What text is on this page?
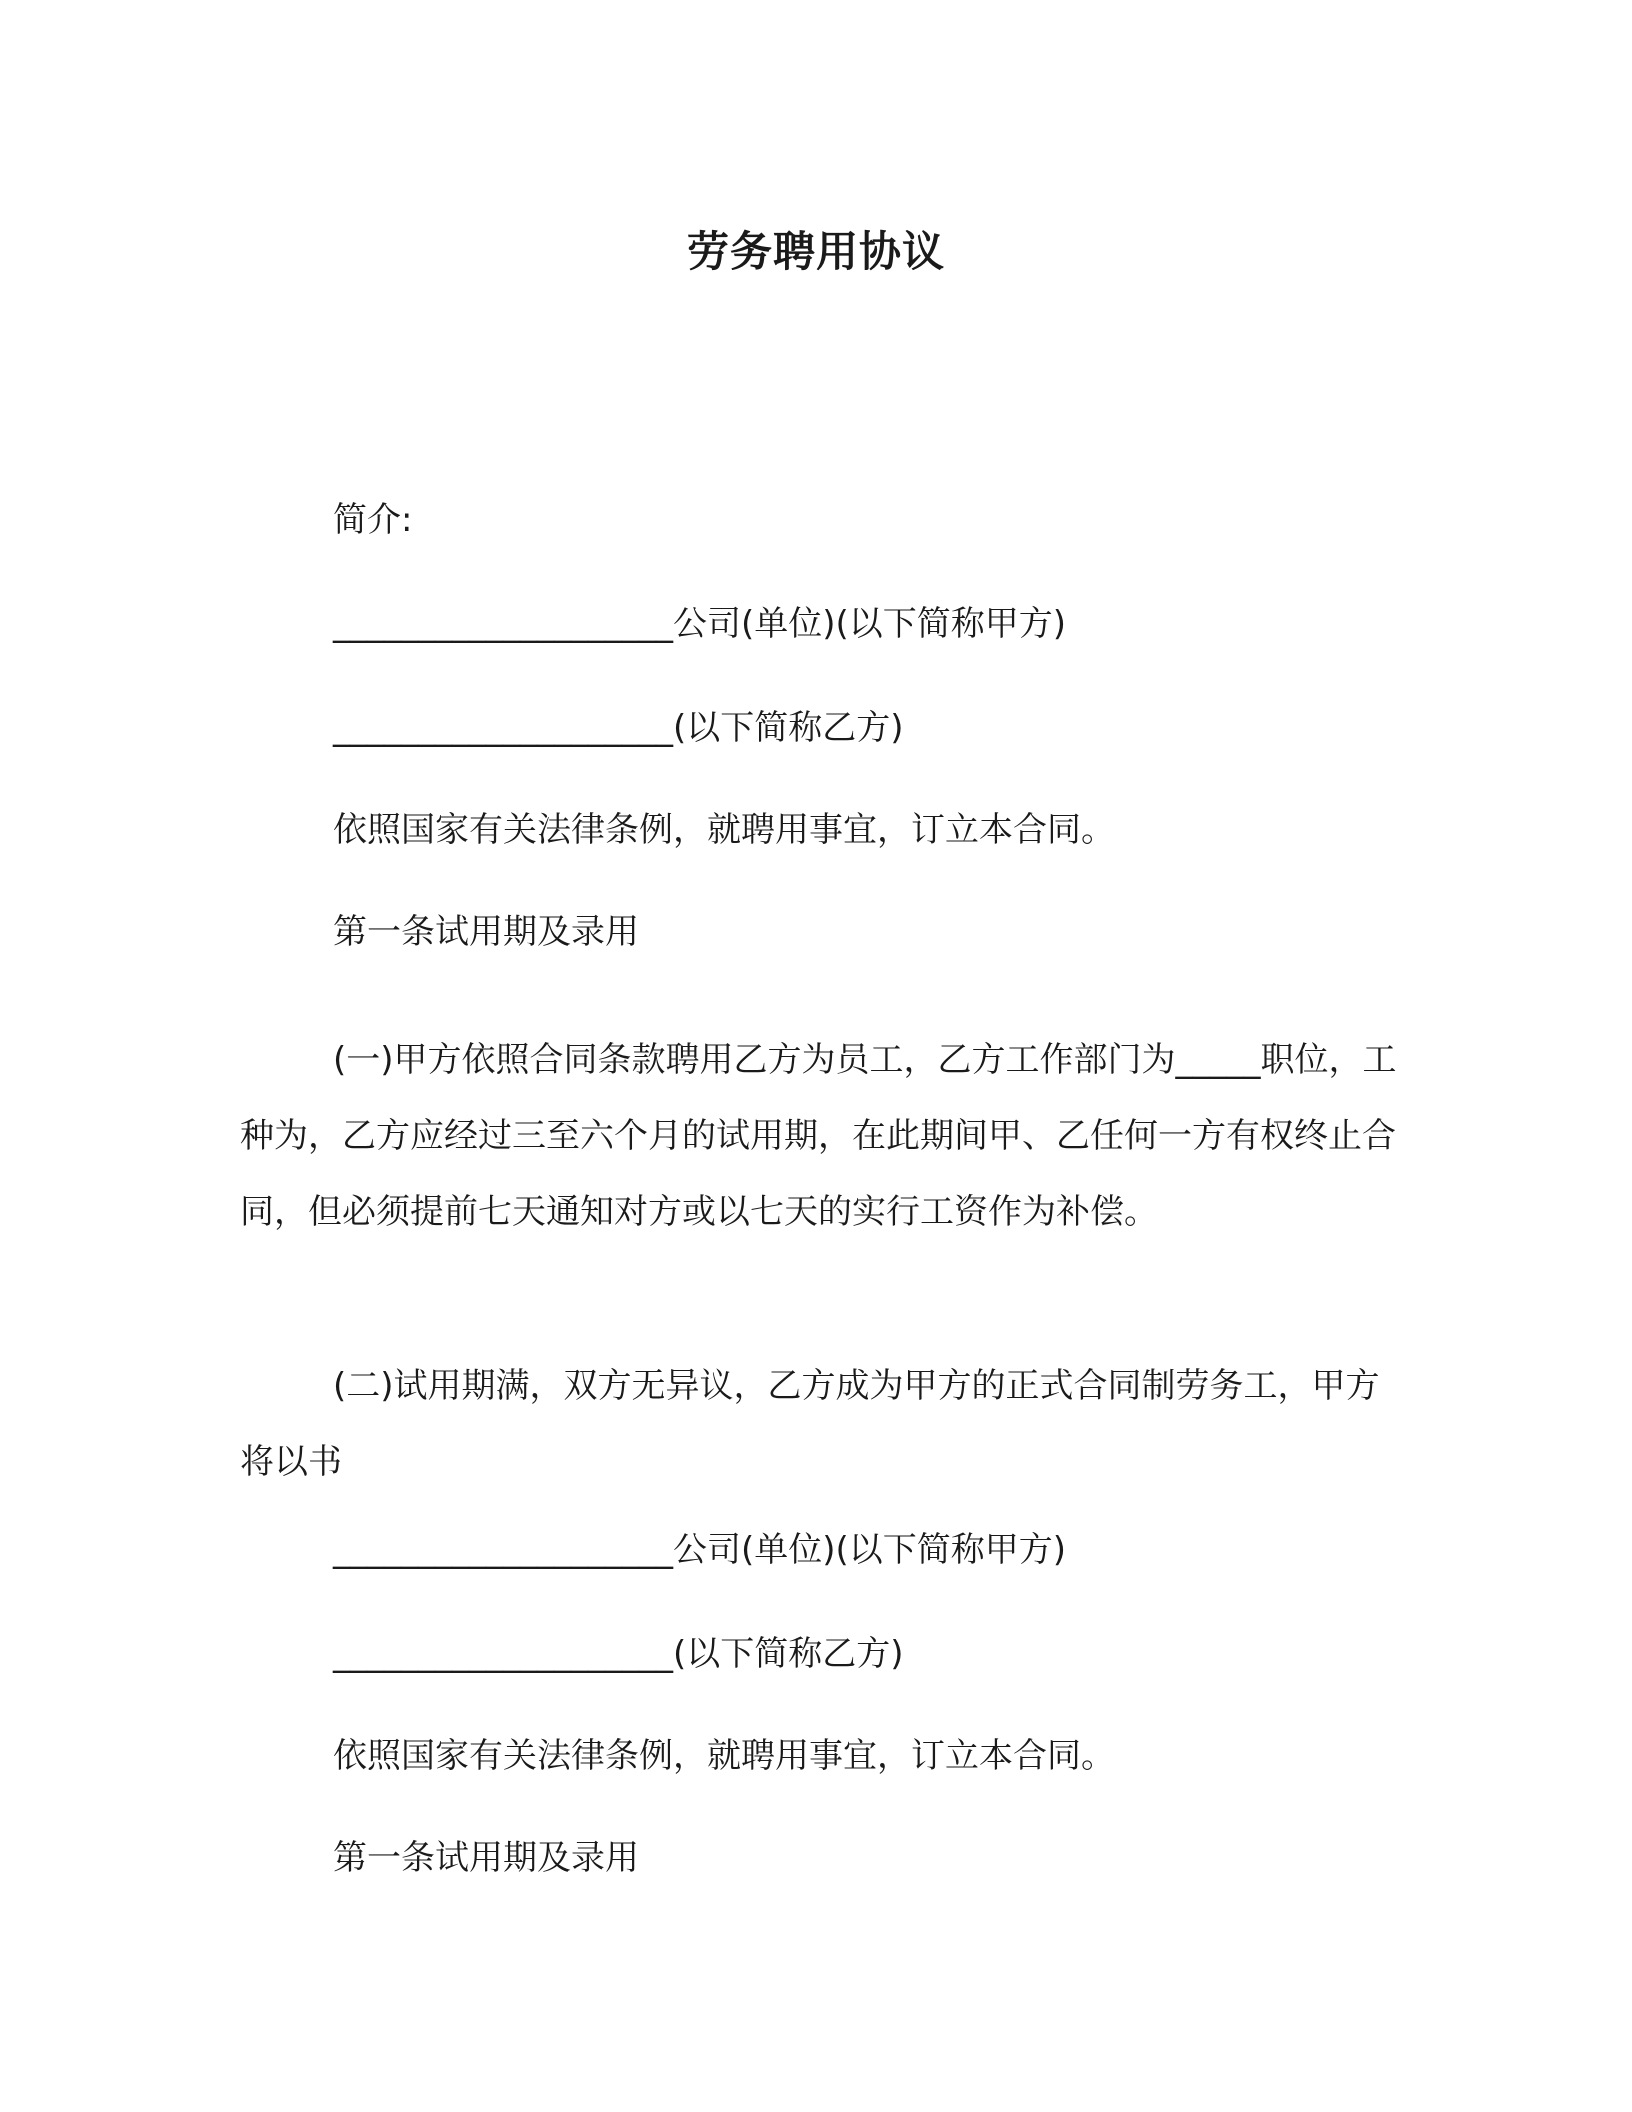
劳务聘用协议
简介:
____________________公司(单位)(以下简称甲方)
____________________(以下简称乙方)
依照国家有关法律条例，就聘用事宜，订立本合同。
第一条试用期及录用
(一)甲方依照合同条款聘用乙方为员工，乙方工作部门为_____职位，工种为，乙方应经过三至六个月的试用期，在此期间甲、乙任何一方有权终止合同，但必须提前七天通知对方或以七天的实行工资作为补偿。
(二)试用期满，双方无异议，乙方成为甲方的正式合同制劳务工，甲方将以书
____________________公司(单位)(以下简称甲方)
____________________(以下简称乙方)
依照国家有关法律条例，就聘用事宜，订立本合同。
第一条试用期及录用
